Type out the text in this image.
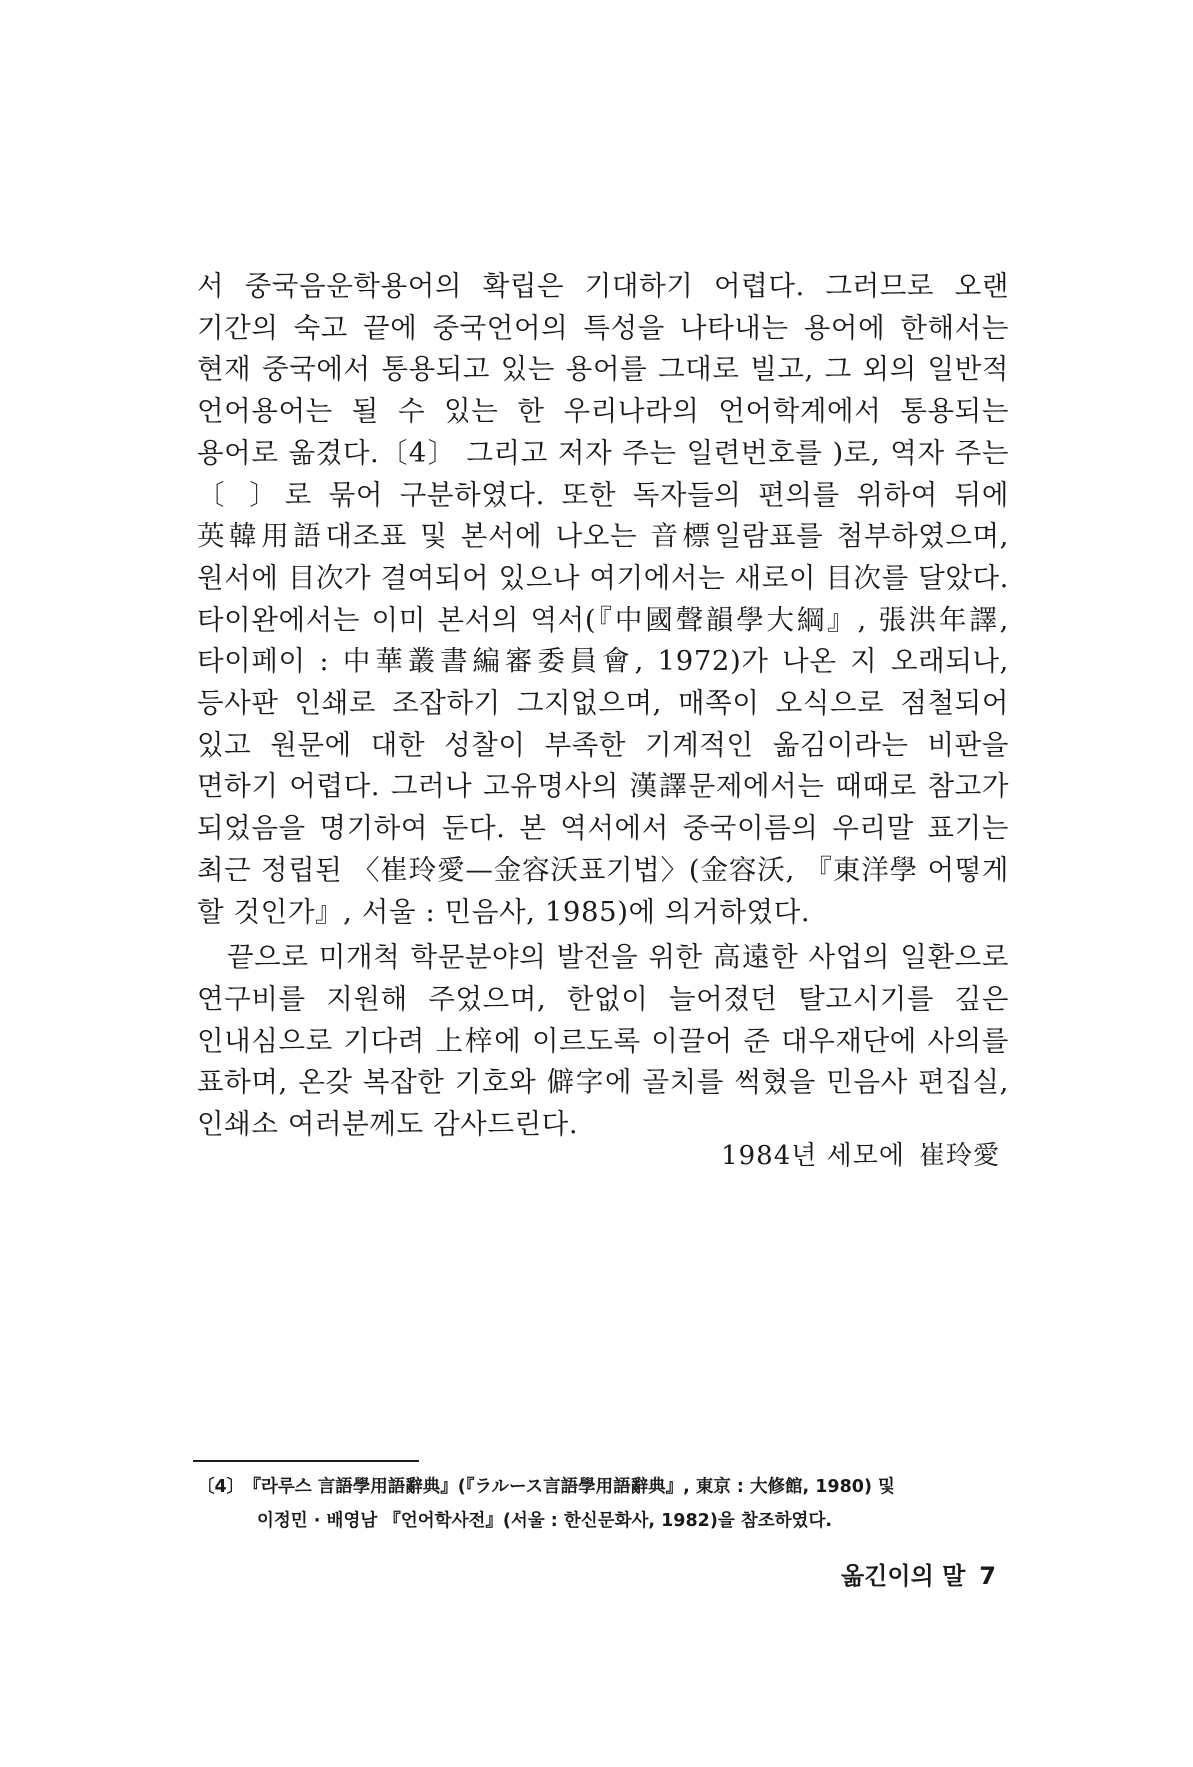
서 중국음운학용어의 확립은 기대하기 어렵다. 그러므로 오랜 기간의 숙고 끝에 중국언어의 특성을 나타내는 용어에 한해서는 현재 중국에서 통용되고 있는 용어를 그대로 빌고, 그 외의 일반적 언어용어는 될 수 있는 한 우리나라의 언어학계에서 통용되는 용어로 옮겼다.〔4〕 그리고 저자 주는 일련번호를 )로, 역자 주는 〔 〕로 묶어 구분하였다. 또한 독자들의 편의를 위하여 뒤에 英韓用語대조표 및 본서에 나오는 音標일람표를 첨부하였으며, 원서에 目次가 결여되어 있으나 여기에서는 새로이 目次를 달았다. 타이완에서는 이미 본서의 역서(『中國聲韻學大綱』, 張洪年譯, 타이페이 : 中華叢書編審委員會, 1972)가 나온 지 오래되나, 등사판 인쇄로 조잡하기 그지없으며, 매쪽이 오식으로 점철되어 있고 원문에 대한 성찰이 부족한 기계적인 옮김이라는 비판을 면하기 어렵다. 그러나 고유명사의 漢譯문제에서는 때때로 참고가 되었음을 명기하여 둔다. 본 역서에서 중국이름의 우리말 표기는 최근 정립된 〈崔玲愛—金容沃표기법〉(金容沃, 『東洋學 어떻게 할 것인가』, 서울 : 민음사, 1985)에 의거하였다.

끝으로 미개척 학문분야의 발전을 위한 高遠한 사업의 일환으로 연구비를 지원해 주었으며, 한없이 늘어졌던 탈고시기를 깊은 인내심으로 기다려 上梓에 이르도록 이끌어 준 대우재단에 사의를 표하며, 온갖 복잡한 기호와 僻字에 골치를 썩혔을 민음사 편집실, 인쇄소 여러분께도 감사드린다.

1984년 세모에 崔玲愛
〔4〕 『라루스 言語學用語辭典』(『ラルース言語學用語辭典』, 東京 : 大修館, 1980) 및
이정민 · 배영남 『언어학사전』(서울 : 한신문화사, 1982)을 참조하였다.
옮긴이의 말 7
